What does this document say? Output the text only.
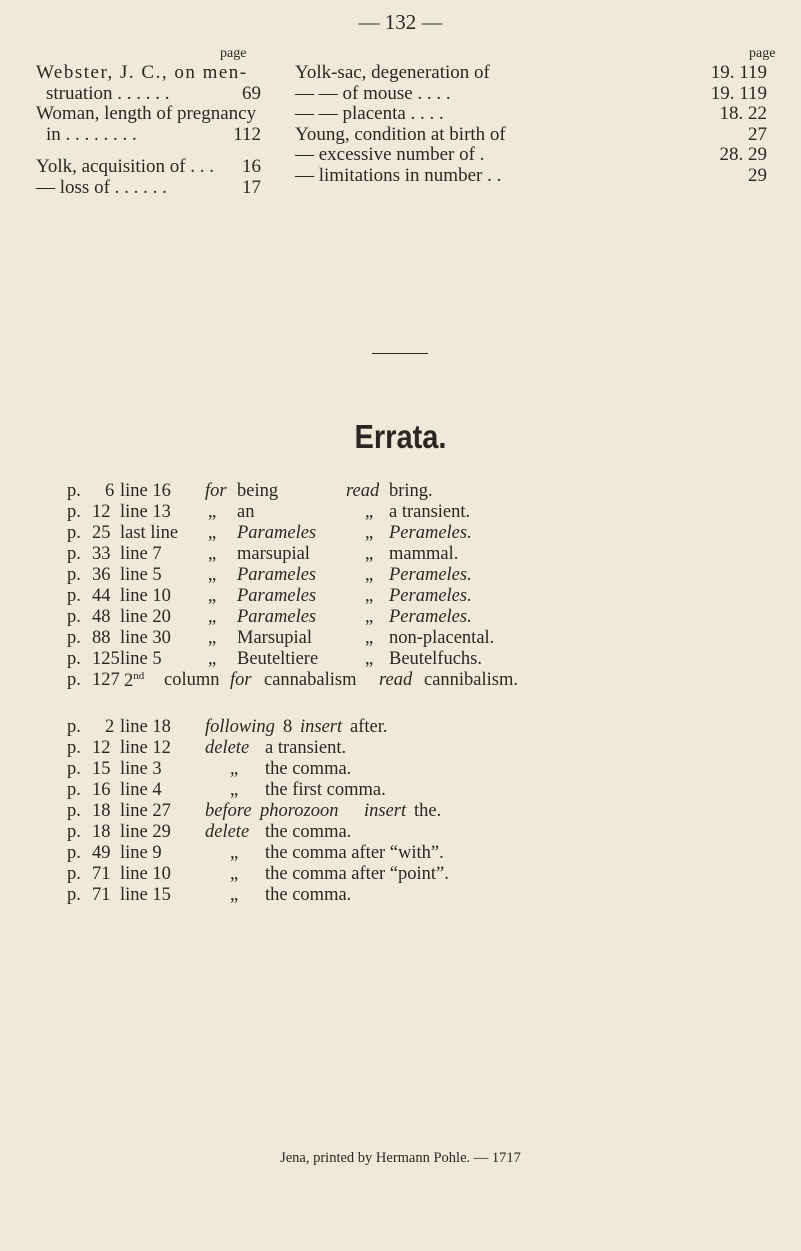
— 132 —
page	page
Webster, J. C., on men-
struation . . . . . .	69
Woman, length of pregnancy
in . . . . . . . .	112
Yolk, acquisition of . . . 16
— loss of . . . . . .	17
Yolk-sac, degeneration of	19. 119
— — of mouse . . . .	19. 119
— — placenta . . . .	18. 22
Young, condition at birth of	27
— excessive number of .	28. 29
— limitations in number . .	29
Errata.
p. 6 line 16 for being	read bring.
p. 12 line 13 „ an	„ a transient.
p. 25 last line „ Parameles	„ Perameles.
p. 33 line 7	„ marsupial	„ mammal.
p. 36 line 5	„ Parameles	„ Perameles.
p. 44 line 10 „ Parameles	„ Perameles.
p. 48 line 20 „ Parameles	„ Perameles.
p. 88 line 30 „ Marsupial	„ non-placental.
p. 125 line 5	„ Beuteltiere	„ Beutelfuchs.
p. 127 2nd column for cannabalism read cannibalism.
p. 2 line 18 following 8 insert after.
p. 12 line 12 delete a transient.
p. 15 line 3	„ the comma.
p. 16 line 4	„ the first comma.
p. 18 line 27 before phorozoon insert the.
p. 18 line 29 delete the comma.
p. 49 line 9	„ the comma after “with”.
p. 71 line 10	„ the comma after “point”.
p. 71 line 15	„ the comma.
Jena, printed by Hermann Pohle. — 1717
